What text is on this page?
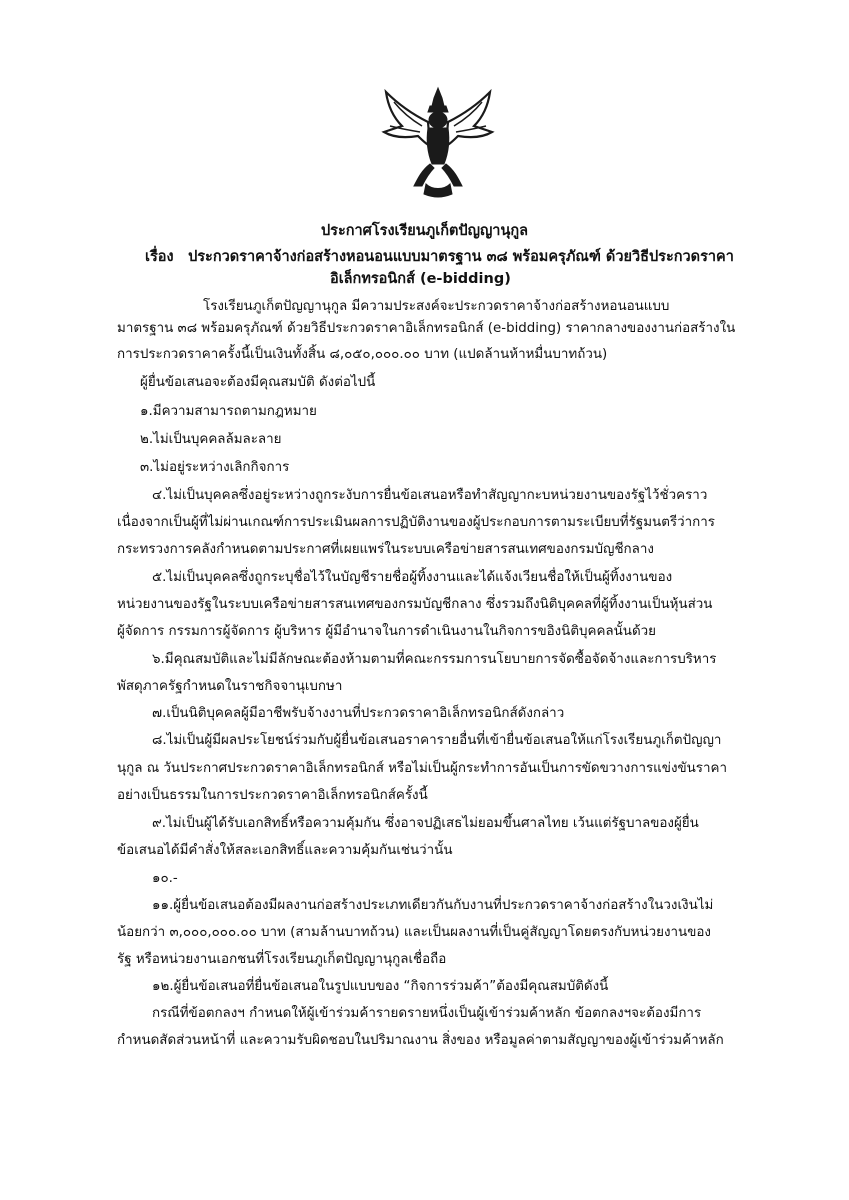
ประกาศโรงเรียนภูเก็ตปัญญานุกูล
เรื่อง ประกวดราคาจ้างก่อสร้างหอนอนแบบมาตรฐาน ๓๘ พร้อมครุภัณฑ์ ด้วยวิธีประกวดราคา
อิเล็กทรอนิกส์ (e-bidding)
โรงเรียนภูเก็ตปัญญานุกูล มีความประสงค์จะประกวดราคาจ้างก่อสร้างหอนอนแบบ
มาตรฐาน ๓๘ พร้อมครุภัณฑ์ ด้วยวิธีประกวดราคาอิเล็กทรอนิกส์ (e-bidding) ราคากลางของงานก่อสร้างใน
การประกวดราคาครั้งนี้เป็นเงินทั้งสิ้น ๘,๐๕๐,๐๐๐.๐๐ บาท (แปดล้านห้าหมื่นบาทถ้วน)
ผู้ยื่นข้อเสนอจะต้องมีคุณสมบัติ ดังต่อไปนี้
๑.มีความสามารถตามกฎหมาย
๒.ไม่เป็นบุคคลล้มละลาย
๓.ไม่อยู่ระหว่างเลิกกิจการ
๔.ไม่เป็นบุคคลซึ่งอยู่ระหว่างถูกระงับการยื่นข้อเสนอหรือทำสัญญากะบหน่วยงานของรัฐไว้ชั่วคราว
เนื่องจากเป็นผู้ที่ไม่ผ่านเกณฑ์การประเมินผลการปฏิบัติงานของผู้ประกอบการตามระเบียบที่รัฐมนตรีว่าการ
กระทรวงการคลังกำหนดตามประกาศที่เผยแพร่ในระบบเครือข่ายสารสนเทศของกรมบัญชีกลาง
๕.ไม่เป็นบุคคลซึ่งถูกระบุชื่อไว้ในบัญชีรายชื่อผู้ทิ้งงานและได้แจ้งเวียนชื่อให้เป็นผู้ทิ้งงานของ
หน่วยงานของรัฐในระบบเครือข่ายสารสนเทศของกรมบัญชีกลาง ซึ่งรวมถึงนิติบุคคลที่ผู้ทิ้งงานเป็นหุ้นส่วน
ผู้จัดการ กรรมการผู้จัดการ ผู้บริหาร ผู้มีอำนาจในการดำเนินงานในกิจการขอิงนิติบุคคลนั้นด้วย
๖.มีคุณสมบัติและไม่มีลักษณะต้องห้ามตามที่คณะกรรมการนโยบายการจัดซื้อจัดจ้างและการบริหาร
พัสดุภาครัฐกำหนดในราชกิจจานุเบกษา
๗.เป็นนิติบุคคลผู้มีอาชีพรับจ้างงานที่ประกวดราคาอิเล็กทรอนิกส์ดังกล่าว
๘.ไม่เป็นผู้มีผลประโยชน์ร่วมกับผู้ยื่นข้อเสนอราคารายอื่นที่เข้ายื่นข้อเสนอให้แก่โรงเรียนภูเก็ตปัญญา
นุกูล ณ วันประกาศประกวดราคาอิเล็กทรอนิกส์ หรือไม่เป็นผู้กระทำการอันเป็นการขัดขวางการแข่งขันราคา
อย่างเป็นธรรมในการประกวดราคาอิเล็กทรอนิกส์ครั้งนี้
๙.ไม่เป็นผู้ได้รับเอกสิทธิ์หรือความคุ้มกัน ซึ่งอาจปฏิเสธไม่ยอมขึ้นศาลไทย เว้นแต่รัฐบาลของผู้ยื่น
ข้อเสนอได้มีคำสั่งให้สละเอกสิทธิ์และความคุ้มกันเช่นว่านั้น
๑๐.-
๑๑.ผู้ยื่นข้อเสนอต้องมีผลงานก่อสร้างประเภทเดียวกันกับงานที่ประกวดราคาจ้างก่อสร้างในวงเงินไม่
น้อยกว่า ๓,๐๐๐,๐๐๐.๐๐ บาท (สามล้านบาทถ้วน) และเป็นผลงานที่เป็นคู่สัญญาโดยตรงกับหน่วยงานของ
รัฐ หรือหน่วยงานเอกชนที่โรงเรียนภูเก็ตปัญญานุกูลเชื่อถือ
๑๒.ผู้ยื่นข้อเสนอที่ยื่นข้อเสนอในรูปแบบของ “กิจการร่วมค้า”ต้องมีคุณสมบัติดังนี้
กรณีที่ข้อตกลงฯ กำหนดให้ผู้เข้าร่วมค้ารายดรายหนึ่งเป็นผู้เข้าร่วมค้าหลัก ข้อตกลงฯจะต้องมีการ
กำหนดสัดส่วนหน้าที่ และความรับผิดชอบในปริมาณงาน สิ่งของ หรือมูลค่าตามสัญญาของผู้เข้าร่วมค้าหลัก
